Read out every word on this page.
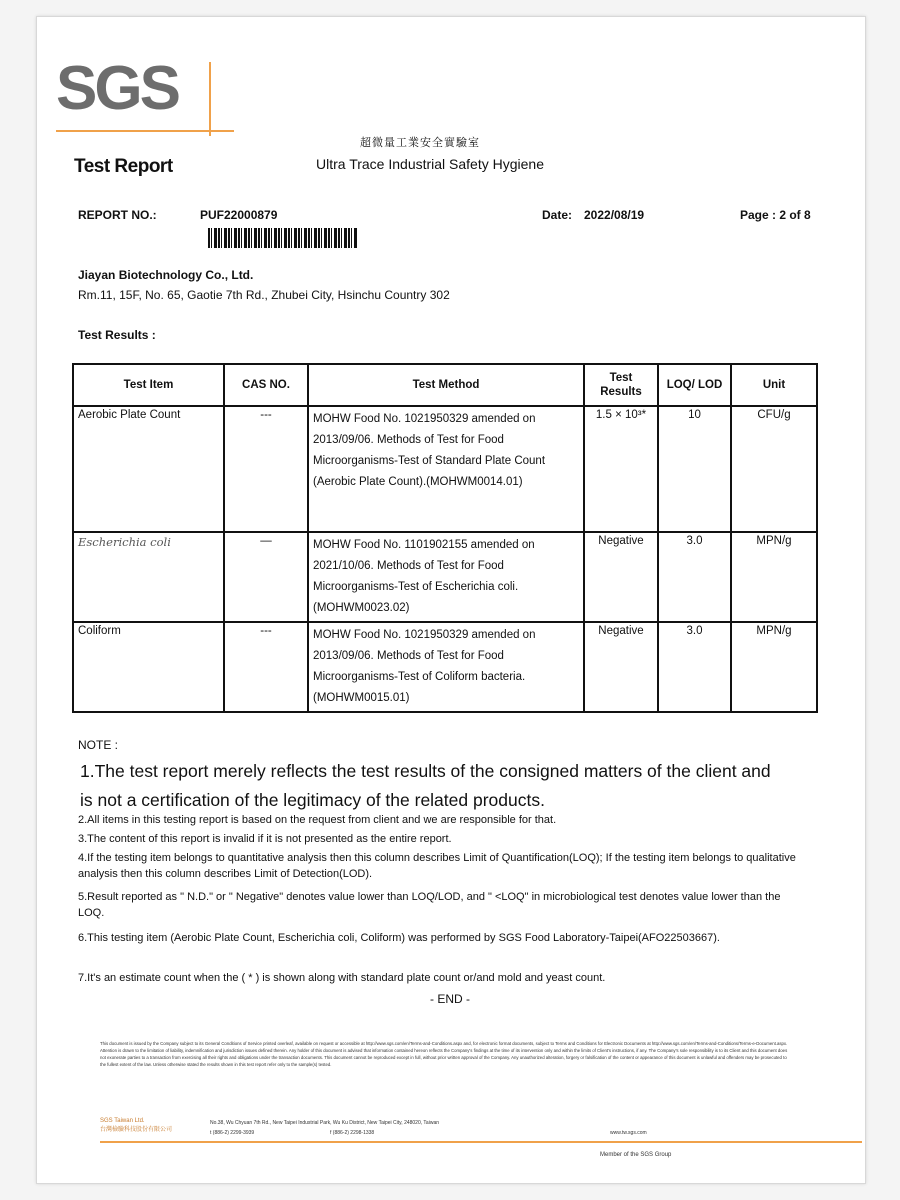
SGS
Test Report
超微量工業安全實驗室
Ultra Trace Industrial Safety Hygiene
REPORT NO.:	PUF22000879	Date: 2022/08/19	Page : 2 of 8
Jiayan Biotechnology Co., Ltd.
Rm.11, 15F, No. 65, Gaotie 7th Rd., Zhubei City, Hsinchu Country 302
Test Results :
Test Item	CAS NO.	Test Method	Test Results	LOQ/ LOD	Unit
Aerobic Plate Count	---	MOHW Food No. 1021950329 amended on 2013/09/06. Methods of Test for Food Microorganisms-Test of Standard Plate Count (Aerobic Plate Count).(MOHWM0014.01)	1.5 × 10³*	10	CFU/g
Escherichia coli	—	MOHW Food No. 1101902155 amended on 2021/10/06. Methods of Test for Food Microorganisms-Test of Escherichia coli.(MOHWM0023.02)	Negative	3.0	MPN/g
Coliform	---	MOHW Food No. 1021950329 amended on 2013/09/06. Methods of Test for Food Microorganisms-Test of Coliform bacteria.(MOHWM0015.01)	Negative	3.0	MPN/g
NOTE :
1.The test report merely reflects the test results of the consigned matters of the client and is not a certification of the legitimacy of the related products.
2.All items in this testing report is based on the request from client and we are responsible for that.
3.The content of this report is invalid if it is not presented as the entire report.
4.If the testing item belongs to quantitative analysis then this column describes Limit of Quantification(LOQ); If the testing item belongs to qualitative analysis then this column describes Limit of Detection(LOD).
5.Result reported as " N.D." or " Negative" denotes value lower than LOQ/LOD, and " <LOQ" in microbiological test denotes value lower than the LOQ.
6.This testing item (Aerobic Plate Count, Escherichia coli, Coliform) was performed by SGS Food Laboratory-Taipei(AFO22503667).
7.It's an estimate count when the ( * ) is shown along with standard plate count or/and mold and yeast count.
- END -
This document is issued by the Company subject to its General Conditions of Service printed overleaf, available on request or accessible at http://www.sgs.com/en/Terms-and-Conditions.aspx and, for electronic format documents, subject to Terms and Conditions for Electronic Documents at http://www.sgs.com/en/Terms-and-Conditions/Terms-e-Document.aspx. Attention is drawn to the limitation of liability, indemnification and jurisdiction issues defined therein. Any holder of this document is advised that information contained hereon reflects the Company's findings at the time of its intervention only and within the limits of Client's instructions, if any. The Company's sole responsibility is to its Client and this document does not exonerate parties to a transaction from exercising all their rights and obligations under the transaction documents. This document cannot be reproduced except in full, without prior written approval of the Company. Any unauthorized alteration, forgery or falsification of the content or appearance of this document is unlawful and offenders may be prosecuted to the fullest extent of the law. Unless otherwise stated the results shown in this test report refer only to the sample(s) tested.
SGS Taiwan Ltd.
台灣檢驗科技股份有限公司
No.38, Wu Chyuan 7th Rd., New Taipei Industrial Park, Wu Ku District, New Taipei City, 248020, Taiwan
t (886-2) 2299-3939	f (886-2) 2298-1338	www.tw.sgs.com
Member of the SGS Group
